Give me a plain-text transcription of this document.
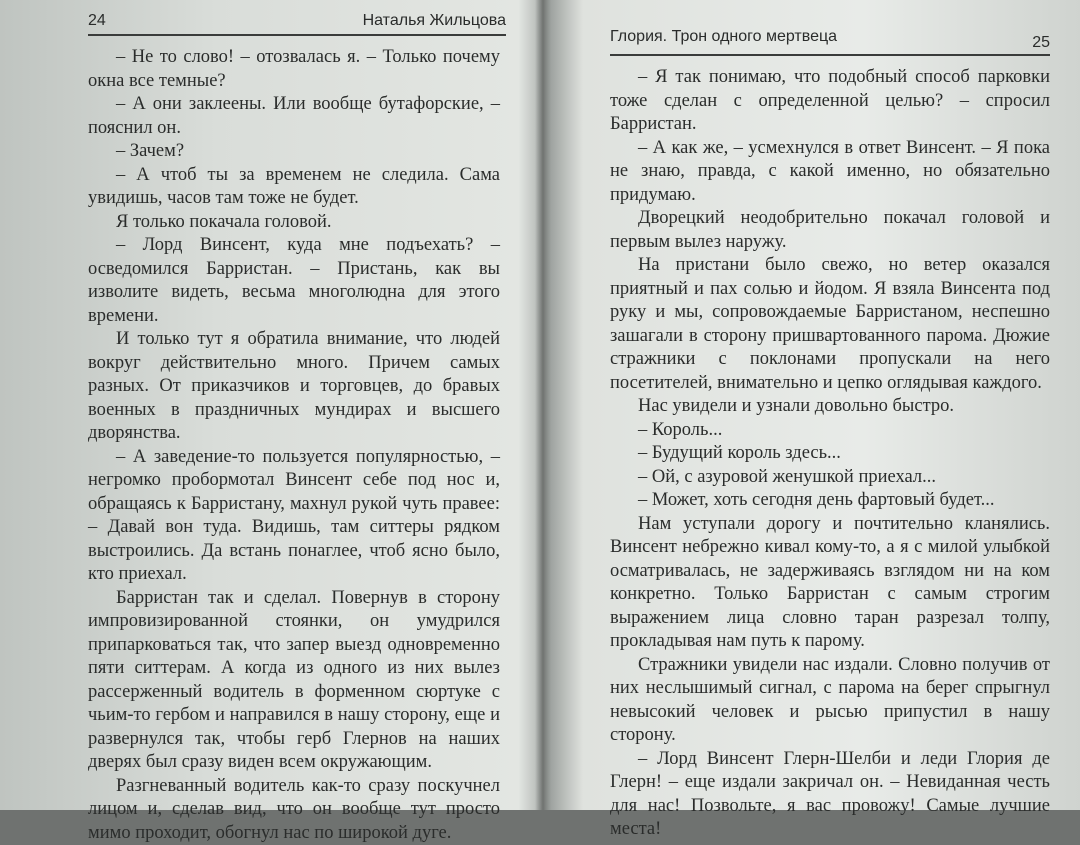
24	Наталья Жильцова

– Не то слово! – отозвалась я. – Только почему окна все темные?

– А они заклеены. Или вообще бутафорские, – пояснил он.

– Зачем?

– А чтоб ты за временем не следила. Сама увидишь, часов там тоже не будет.

Я только покачала головой.

– Лорд Винсент, куда мне подъехать? – осведомился Барристан. – Пристань, как вы изволите видеть, весьма многолюдна для этого времени.

И только тут я обратила внимание, что людей вокруг действительно много. Причем самых разных. От приказчиков и торговцев, до бравых военных в праздничных мундирах и высшего дворянства.

– А заведение-то пользуется популярностью, – негромко пробормотал Винсент себе под нос и, обращаясь к Барристану, махнул рукой чуть правее: – Давай вон туда. Видишь, там ситтеры рядком выстроились. Да встань понаглее, чтоб ясно было, кто приехал.

Барристан так и сделал. Повернув в сторону импровизированной стоянки, он умудрился припарковаться так, что запер выезд одновременно пяти ситтерам. А когда из одного из них вылез рассерженный водитель в форменном сюртуке с чьим-то гербом и направился в нашу сторону, еще и развернулся так, чтобы герб Глернов на наших дверях был сразу виден всем окружающим.

Разгневанный водитель как-то сразу поскучнел лицом и, сделав вид, что он вообще тут просто мимо проходит, обогнул нас по широкой дуге.

Глория. Трон одного мертвеца	25

– Я так понимаю, что подобный способ парковки тоже сделан с определенной целью? – спросил Барристан.

– А как же, – усмехнулся в ответ Винсент. – Я пока не знаю, правда, с какой именно, но обязательно придумаю.

Дворецкий неодобрительно покачал головой и первым вылез наружу.

На пристани было свежо, но ветер оказался приятный и пах солью и йодом. Я взяла Винсента под руку и мы, сопровождаемые Барристаном, неспешно зашагали в сторону пришвартованного парома. Дюжие стражники с поклонами пропускали на него посетителей, внимательно и цепко оглядывая каждого.

Нас увидели и узнали довольно быстро.

– Король...

– Будущий король здесь...

– Ой, с азуровой женушкой приехал...

– Может, хоть сегодня день фартовый будет...

Нам уступали дорогу и почтительно кланялись. Винсент небрежно кивал кому-то, а я с милой улыбкой осматривалась, не задерживаясь взглядом ни на ком конкретно. Только Барристан с самым строгим выражением лица словно таран разрезал толпу, прокладывая нам путь к парому.

Стражники увидели нас издали. Словно получив от них неслышимый сигнал, с парома на берег спрыгнул невысокий человек и рысью припустил в нашу сторону.

– Лорд Винсент Глерн-Шелби и леди Глория де Глерн! – еще издали закричал он. – Невиданная честь для нас! Позвольте, я вас провожу! Самые лучшие места!
